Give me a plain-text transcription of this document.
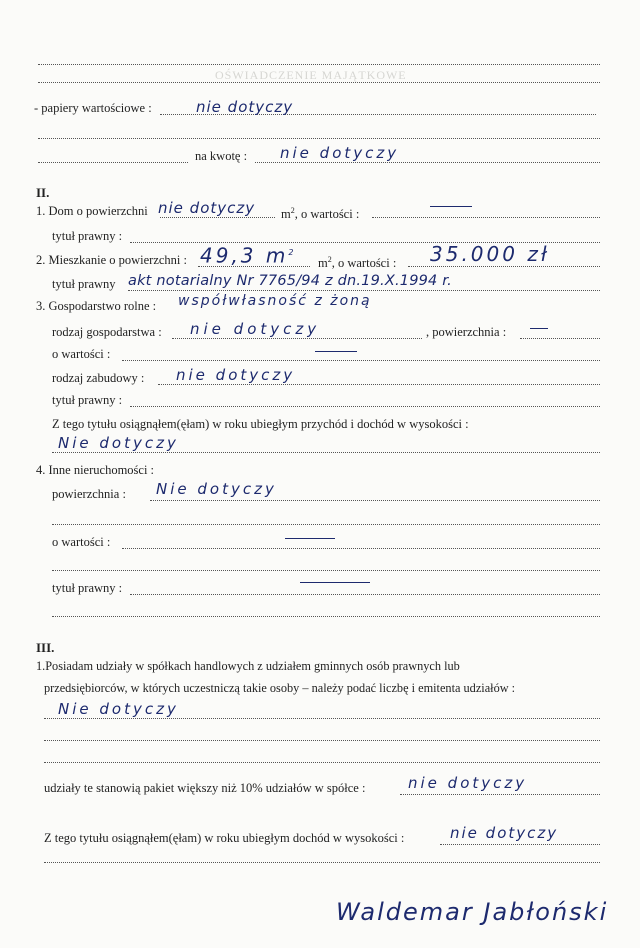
OŚWIADCZENIE MAJĄTKOWE
- papiery wartościowe :	nie dotyczy
na kwotę : nie dotyczy
II.
1. Dom o powierzchni nie dotyczy $m^2$, o wartości :
tytuł prawny :
2. Mieszkanie o powierzchni : 49,3 $m^2$
$m^2$, o wartości : 35.000 zł
tytuł prawny akt notarialny Nr 7765/94 z dn.19.X.1994 r.
3. Gospodarstwo rolne : współwłasność z żoną
rodzaj gospodarstwa : nie dotyczy	, powierzchnia :
o wartości :
rodzaj zabudowy : nie dotyczy
tytuł prawny :
Z tego tytułu osiągnąłem(ęłam) w roku ubiegłym przychód i dochód w wysokości :
Nie dotyczy
4. Inne nieruchomości :
powierzchnia : Nie dotyczy
o wartości :
tytuł prawny :
III.
1.Posiadam udziały w spółkach handlowych z udziałem gminnych osób prawnych lub
przedsiębiorców, w których uczestniczą takie osoby – należy podać liczbę i emitenta udziałów :
Nie dotyczy
udziały te stanowią pakiet większy niż 10% udziałów w spółce :	nie dotyczy
Z tego tytułu osiągnąłem(ęłam) w roku ubiegłym dochód w wysokości :	nie dotyczy
Waldemar Jabłoński
